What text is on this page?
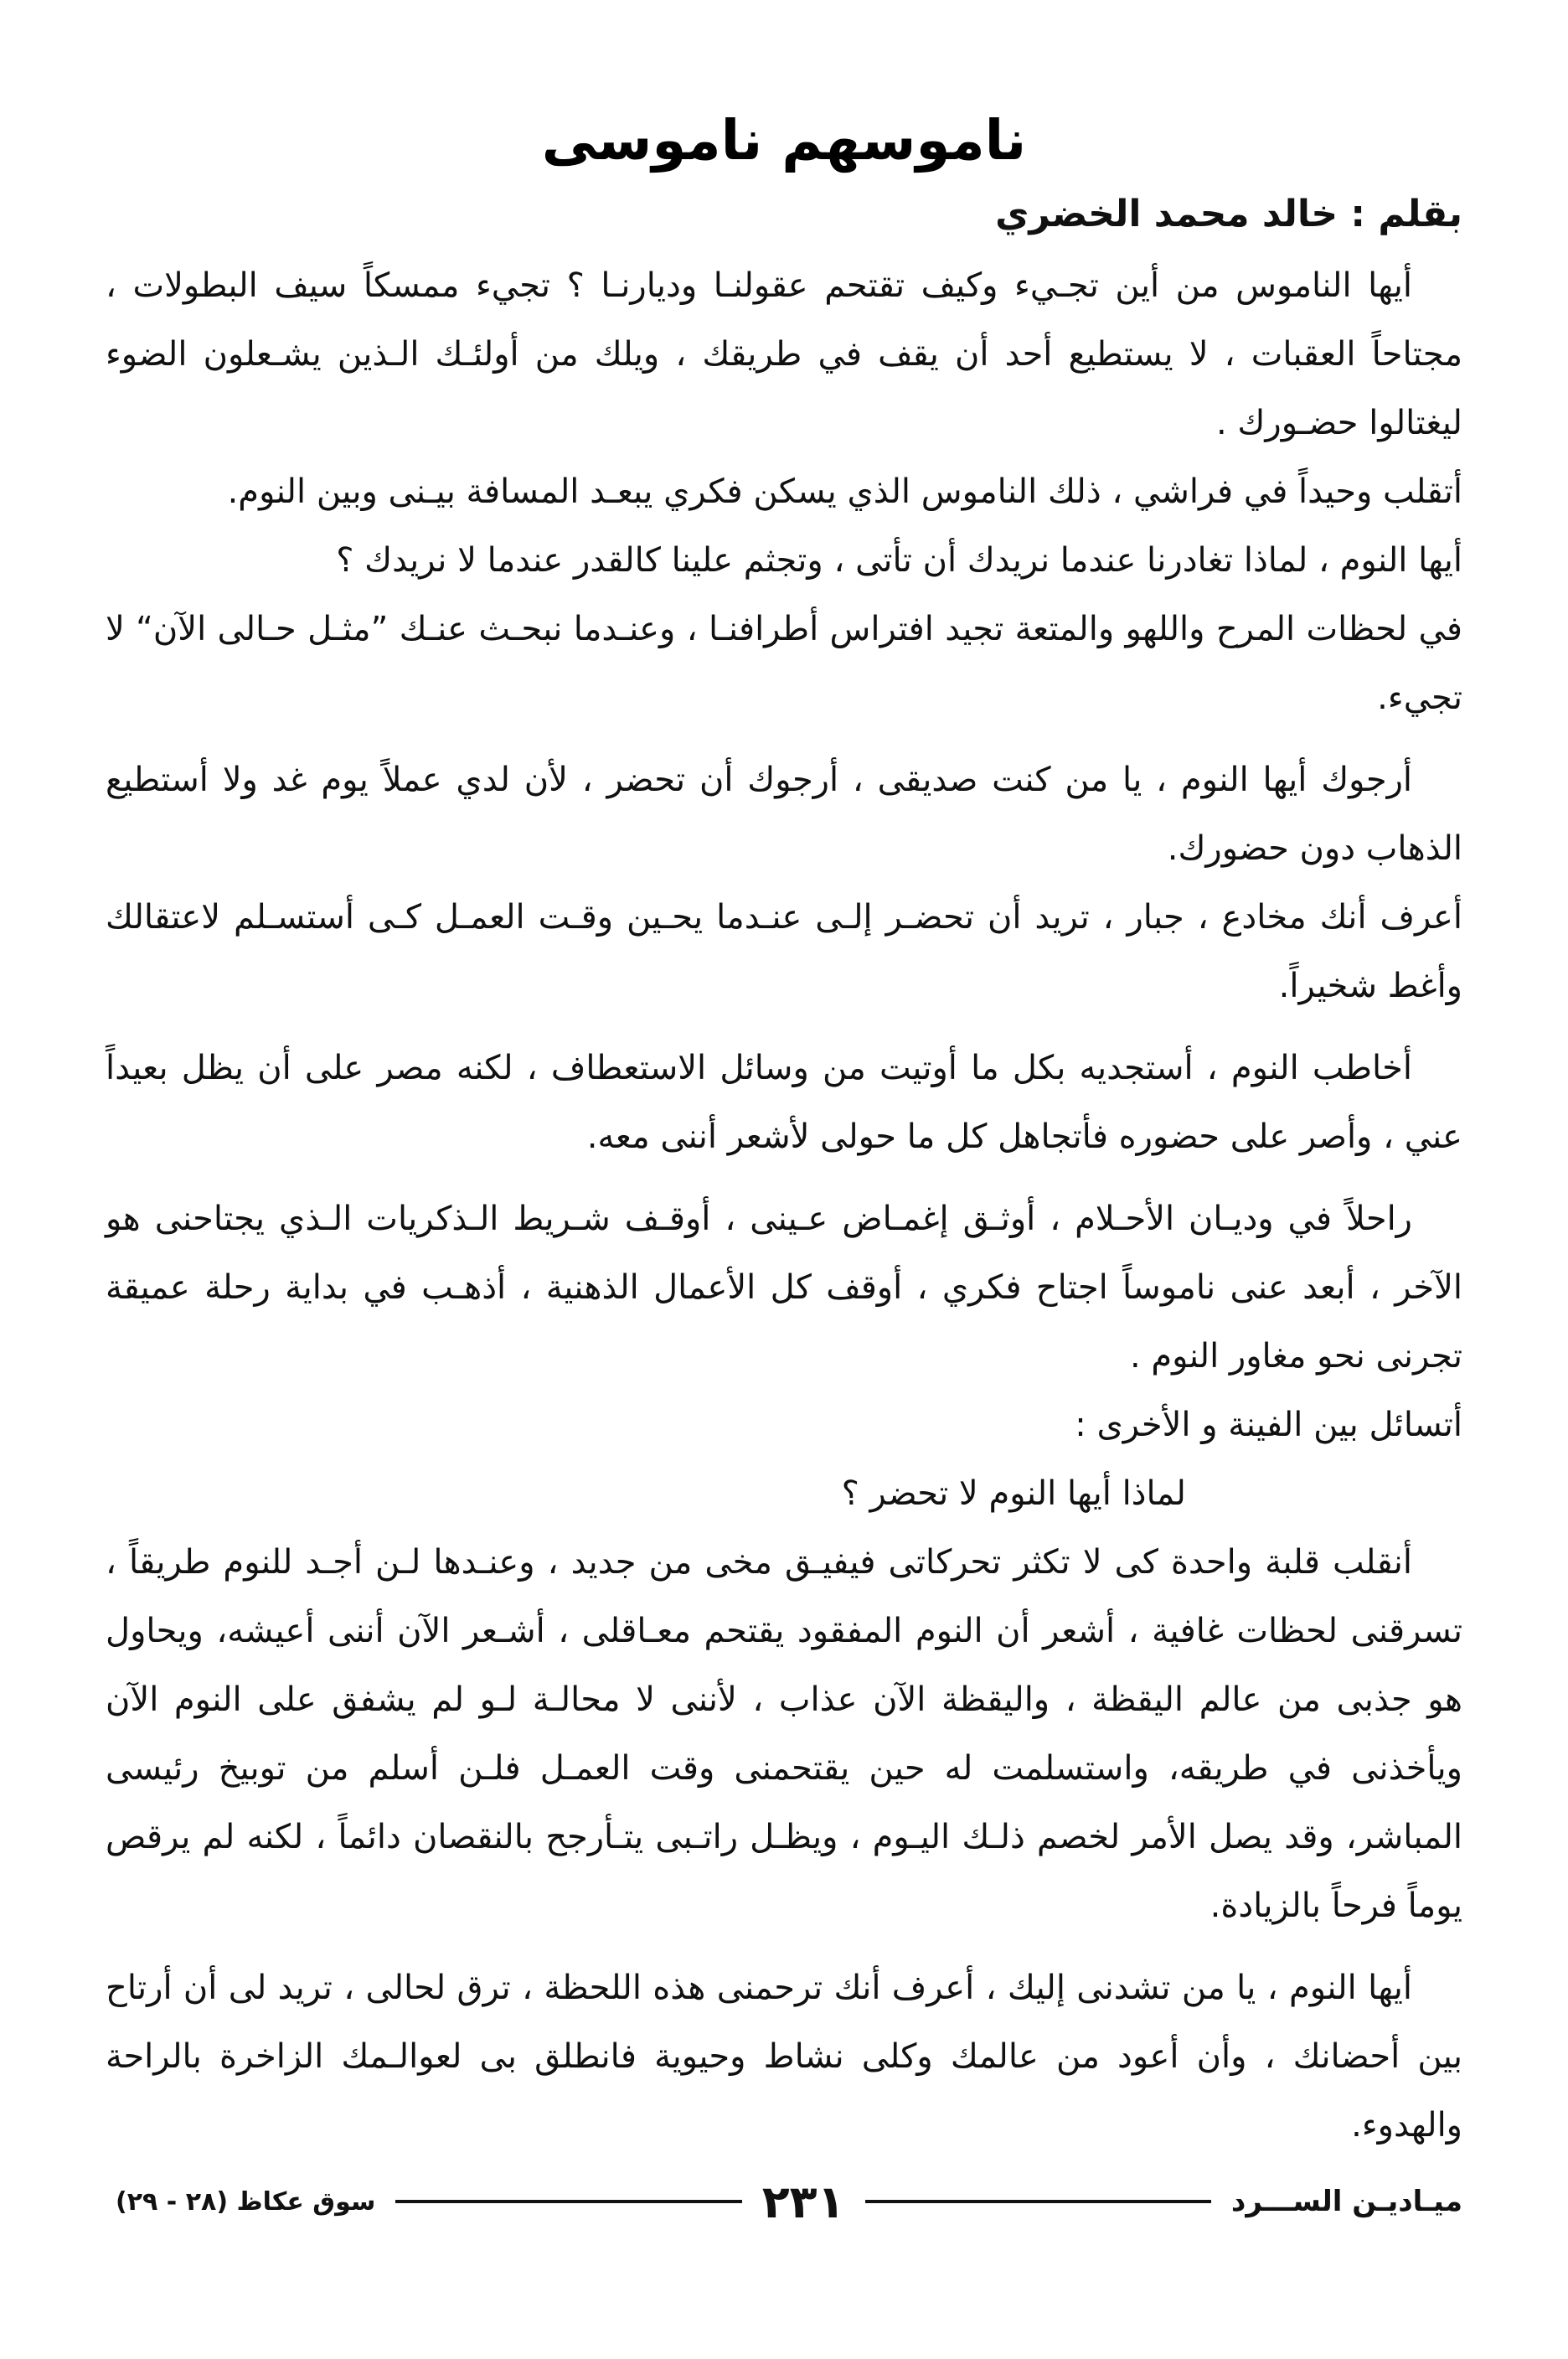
ناموسهم ناموسى
بقلم : خالد محمد الخضري

أيها الناموس من أين تجـيء وكيف تقتحم عقولنـا وديارنـا ؟ تجيء ممسكاً سيف البطولات ، مجتاحاً العقبات ، لا يستطيع أحد أن يقف في طريقك ، ويلك من أولئـك الـذين يشـعلون الضوء ليغتالوا حضـورك .

أتقلب وحيداً في فراشي ، ذلك الناموس الذي يسكن فكري يبعـد المسافة بيـنى وبين النوم.

أيها النوم ، لماذا تغادرنا عندما نريدك أن تأتى ، وتجثم علينا كالقدر عندما لا نريدك ؟

في لحظات المرح واللهو والمتعة تجيد افتراس أطرافنـا ، وعنـدما نبحـث عنـك ”مثـل حـالى الآن“ لا تجيء.

أرجوك أيها النوم ، يا من كنت صديقى ، أرجوك أن تحضر ، لأن لدي عملاً يوم غد ولا أستطيع الذهاب دون حضورك.

أعرف أنك مخادع ، جبار ، تريد أن تحضـر إلـى عنـدما يحـين وقـت العمـل كـى أستسـلم لاعتقالك وأغط شخيراً.

أخاطب النوم ، أستجديه بكل ما أوتيت من وسائل الاستعطاف ، لكنه مصر على أن يظل بعيداً عني ، وأصر على حضوره فأتجاهل كل ما حولى لأشعر أننى معه.

راحلاً في وديـان الأحـلام ، أوثـق إغمـاض عـينى ، أوقـف شـريط الـذكريات الـذي يجتاحنى هو الآخر ، أبعد عنى ناموساً اجتاح فكري ، أوقف كل الأعمال الذهنية ، أذهـب في بداية رحلة عميقة تجرنى نحو مغاور النوم .

أتسائل بين الفينة و الأخرى :

لماذا أيها النوم لا تحضر ؟

أنقلب قلبة واحدة كى لا تكثر تحركاتى فيفيـق مخى من جديد ، وعنـدها لـن أجـد للنوم طريقاً ، تسرقنى لحظات غافية ، أشعر أن النوم المفقود يقتحم معـاقلى ، أشـعر الآن أننى أعيشه، ويحاول هو جذبى من عالم اليقظة ، واليقظة الآن عذاب ، لأننى لا محالـة لـو لم يشفق على النوم الآن ويأخذنى في طريقه، واستسلمت له حين يقتحمنى وقت العمـل فلـن أسلم من توبيخ رئيسى المباشر، وقد يصل الأمر لخصم ذلـك اليـوم ، ويظـل راتـبى يتـأرجح بالنقصان دائماً ، لكنه لم يرقص يوماً فرحاً بالزيادة.

أيها النوم ، يا من تشدنى إليك ، أعرف أنك ترحمنى هذه اللحظة ، ترق لحالى ، تريد لى أن أرتاح بين أحضانك ، وأن أعود من عالمك وكلى نشاط وحيوية فانطلق بى لعوالـمك الزاخرة بالراحة والهدوء.

ميـاديـن الســـرد
٢٣١
سوق عكاظ (٢٨ - ٢٩)
